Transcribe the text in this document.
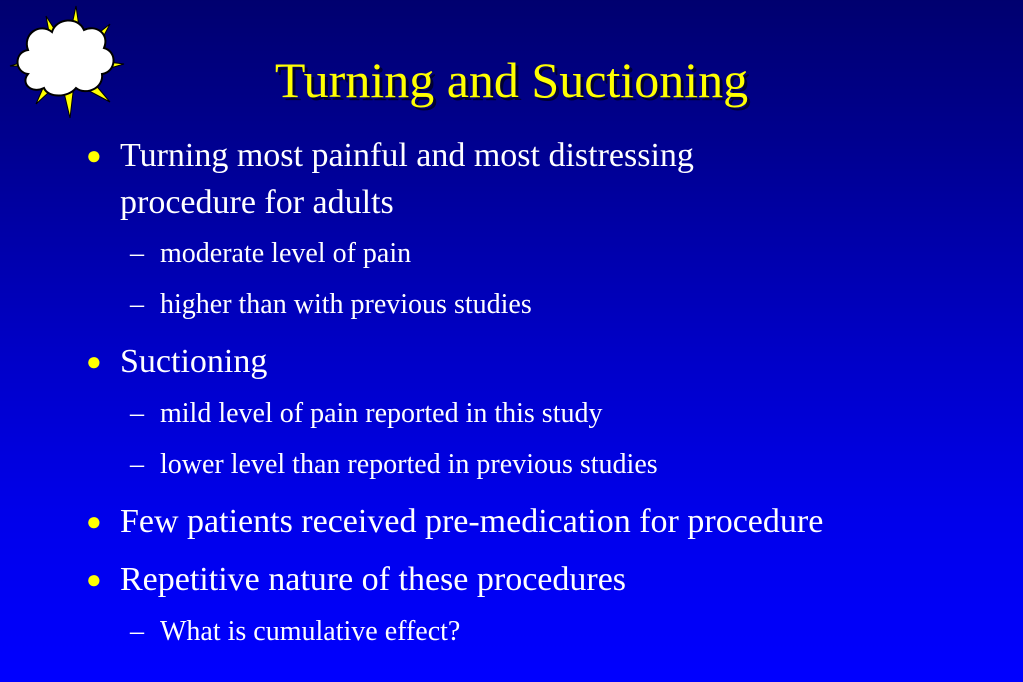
Turning and Suctioning
● Turning most painful and most distressing
procedure for adults
– moderate level of pain
– higher than with previous studies
● Suctioning
– mild level of pain reported in this study
– lower level than reported in previous studies
● Few patients received pre-medication for procedure
● Repetitive nature of these procedures
– What is cumulative effect?
